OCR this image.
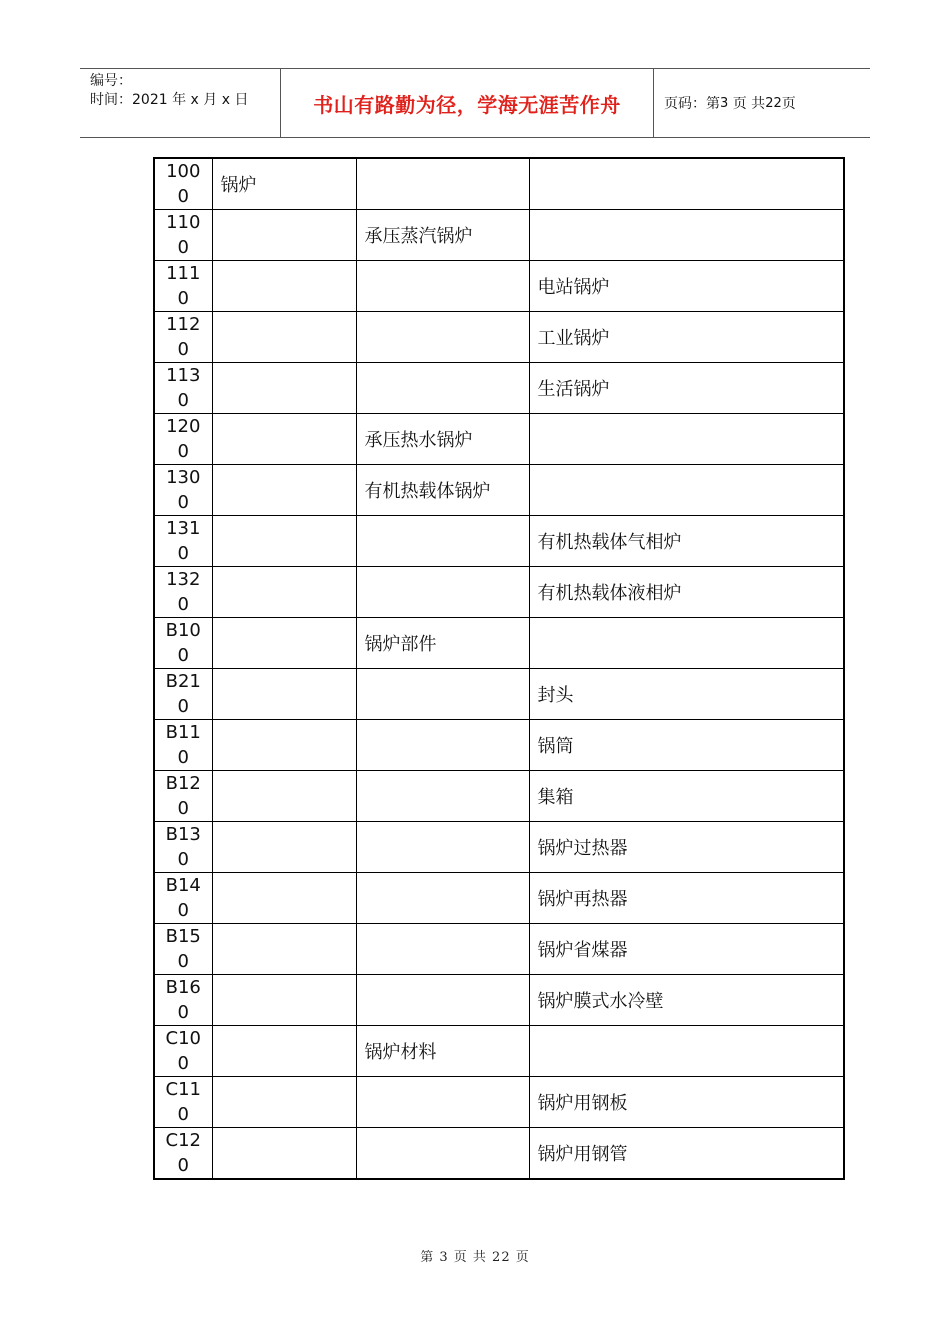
编号：
时间：2021 年 x 月 x 日	书山有路勤为径，学海无涯苦作舟	页码：第 3
页 共 22 页
100
0	锅炉		

110
0		承压蒸汽锅炉	

111
0			电站锅炉

112
0			工业锅炉

113
0			生活锅炉

120
0		承压热水锅炉	

130
0		有机热载体锅炉	

131
0			有机热载体气相炉

132
0			有机热载体液相炉

B10
0		锅炉部件	

B21
0			封头

B11
0			锅筒

B12
0			集箱

B13
0			锅炉过热器

B14
0			锅炉再热器

B15
0			锅炉省煤器

B16
0			锅炉膜式水冷壁

C10
0		锅炉材料	

C11
0			锅炉用钢板

C12
0			锅炉用钢管
第 3 页 共 22 页
